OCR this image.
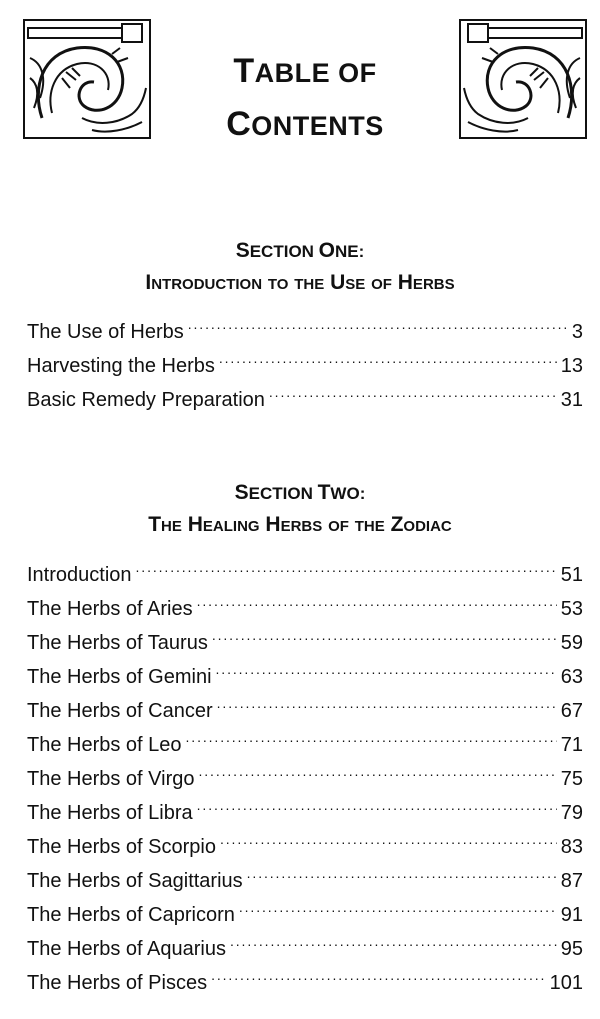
TABLE OF
CONTENTS
SECTION ONE:
Introduction to the Use of Herbs
The Use of Herbs . . .	3
Harvesting the Herbs . . .	13
Basic Remedy Preparation . . .	31
SECTION TWO:
The Healing Herbs of the Zodiac
Introduction . . .	51
The Herbs of Aries . . .	53
The Herbs of Taurus . . .	59
The Herbs of Gemini . . .	63
The Herbs of Cancer . . .	67
The Herbs of Leo . . .	71
The Herbs of Virgo . . .	75
The Herbs of Libra . . .	79
The Herbs of Scorpio . . .	83
The Herbs of Sagittarius . . .	87
The Herbs of Capricorn . . .	91
The Herbs of Aquarius . . .	95
The Herbs of Pisces . . .	101
